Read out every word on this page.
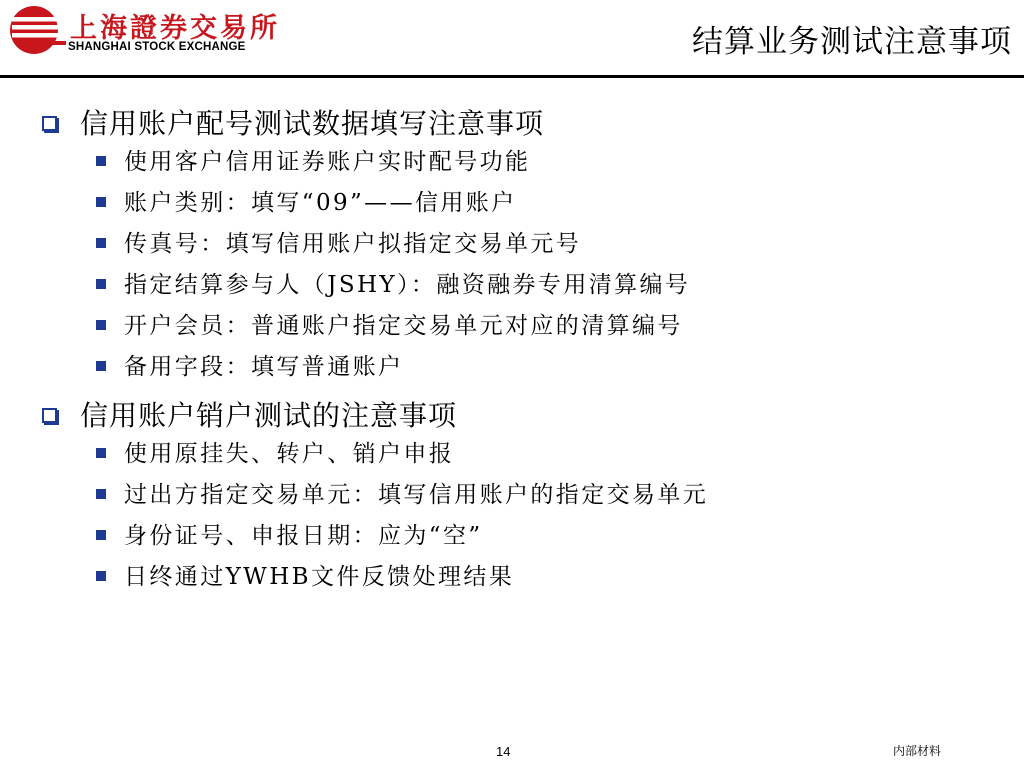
上海證券交易所
SHANGHAI STOCK EXCHANGE	结算业务测试注意事项
信用账户配号测试数据填写注意事项
使用客户信用证券账户实时配号功能
账户类别：填写“09”——信用账户
传真号：填写信用账户拟指定交易单元号
指定结算参与人（JSHY）：融资融券专用清算编号
开户会员：普通账户指定交易单元对应的清算编号
备用字段：填写普通账户
信用账户销户测试的注意事项
使用原挂失、转户、销户申报
过出方指定交易单元：填写信用账户的指定交易单元
身份证号、申报日期：应为“空”
日终通过YWHB文件反馈处理结果
14	内部材料
